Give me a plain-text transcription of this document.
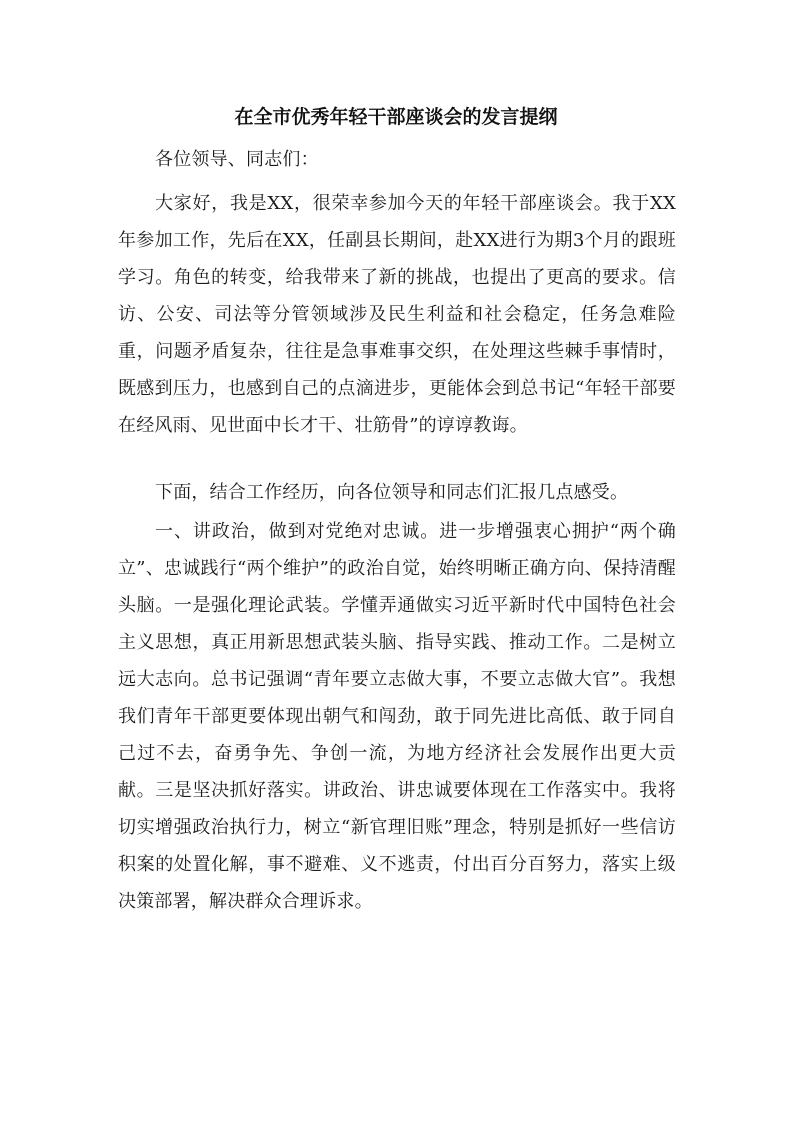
在全市优秀年轻干部座谈会的发言提纲

各位领导、同志们：

大家好，我是XX，很荣幸参加今天的年轻干部座谈会。我于XX年参加工作，先后在XX，任副县长期间，赴XX进行为期3个月的跟班学习。角色的转变，给我带来了新的挑战，也提出了更高的要求。信访、公安、司法等分管领域涉及民生利益和社会稳定，任务急难险重，问题矛盾复杂，往往是急事难事交织，在处理这些棘手事情时，既感到压力，也感到自己的点滴进步，更能体会到总书记“年轻干部要在经风雨、见世面中长才干、壮筋骨”的谆谆教诲。

下面，结合工作经历，向各位领导和同志们汇报几点感受。

一、讲政治，做到对党绝对忠诚。进一步增强衷心拥护“两个确立”、忠诚践行“两个维护”的政治自觉，始终明晰正确方向、保持清醒头脑。一是强化理论武装。学懂弄通做实习近平新时代中国特色社会主义思想，真正用新思想武装头脑、指导实践、推动工作。二是树立远大志向。总书记强调“青年要立志做大事，不要立志做大官”。我想我们青年干部更要体现出朝气和闯劲，敢于同先进比高低、敢于同自己过不去，奋勇争先、争创一流，为地方经济社会发展作出更大贡献。三是坚决抓好落实。讲政治、讲忠诚要体现在工作落实中。我将切实增强政治执行力，树立“新官理旧账”理念，特别是抓好一些信访积案的处置化解，事不避难、义不逃责，付出百分百努力，落实上级决策部署，解决群众合理诉求。
